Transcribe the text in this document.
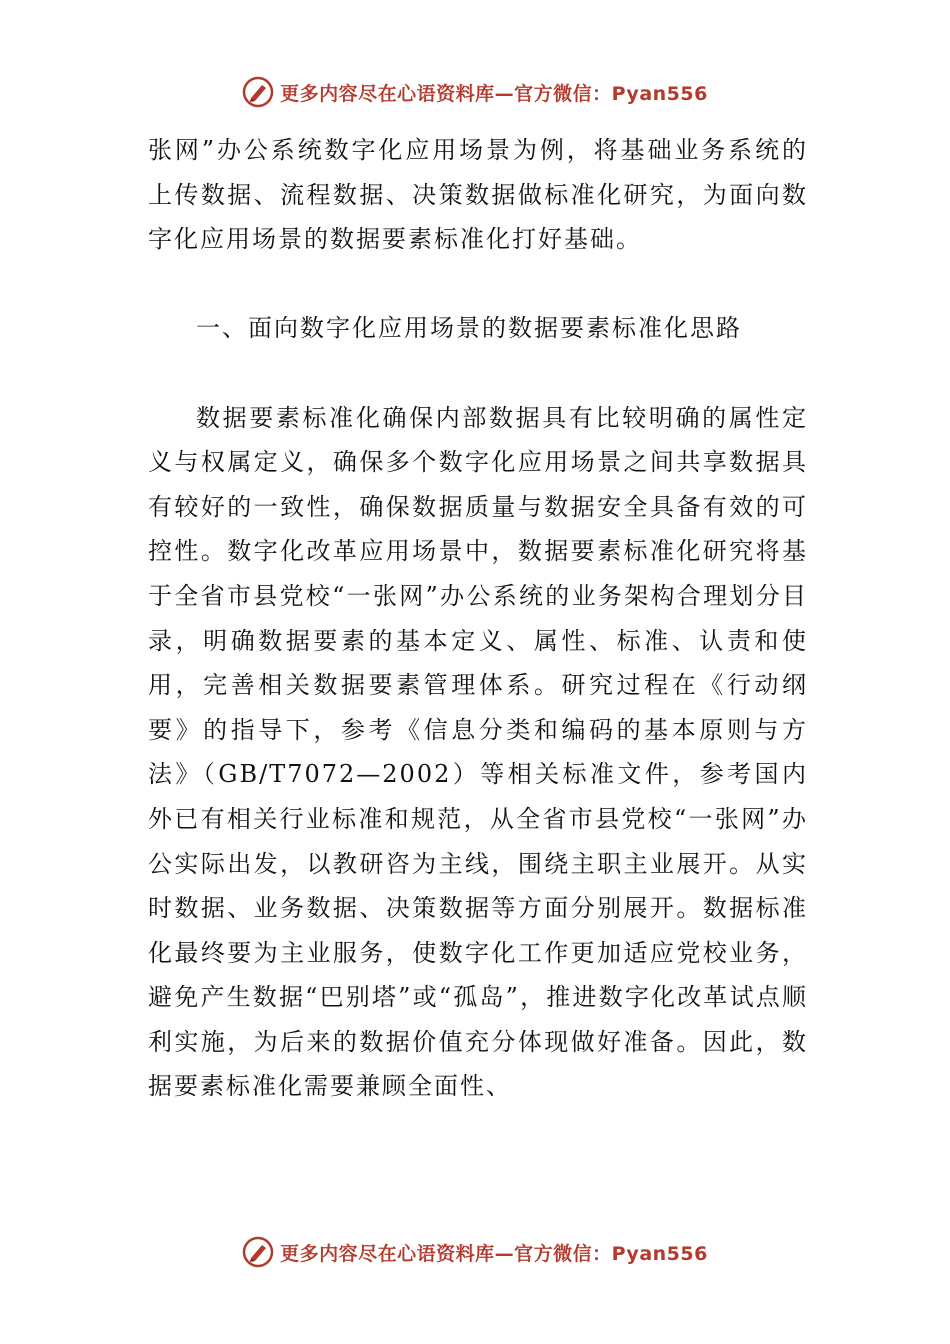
更多内容尽在心语资料库—官方微信：Pyan556

张网”办公系统数字化应用场景为例，将基础业务系统的上传数据、流程数据、决策数据做标准化研究，为面向数字化应用场景的数据要素标准化打好基础。

一、面向数字化应用场景的数据要素标准化思路

数据要素标准化确保内部数据具有比较明确的属性定义与权属定义，确保多个数字化应用场景之间共享数据具有较好的一致性，确保数据质量与数据安全具备有效的可控性。数字化改革应用场景中，数据要素标准化研究将基于全省市县党校“一张网”办公系统的业务架构合理划分目录，明确数据要素的基本定义、属性、标准、认责和使用，完善相关数据要素管理体系。研究过程在《行动纲要》的指导下，参考《信息分类和编码的基本原则与方法》（GB/T7072—2002）等相关标准文件，参考国内外已有相关行业标准和规范，从全省市县党校“一张网”办公实际出发，以教研咨为主线，围绕主职主业展开。从实时数据、业务数据、决策数据等方面分别展开。数据标准化最终要为主业服务，使数字化工作更加适应党校业务，避免产生数据“巴别塔”或“孤岛”，推进数字化改革试点顺利实施，为后来的数据价值充分体现做好准备。因此，数据要素标准化需要兼顾全面性、

更多内容尽在心语资料库—官方微信：Pyan556
